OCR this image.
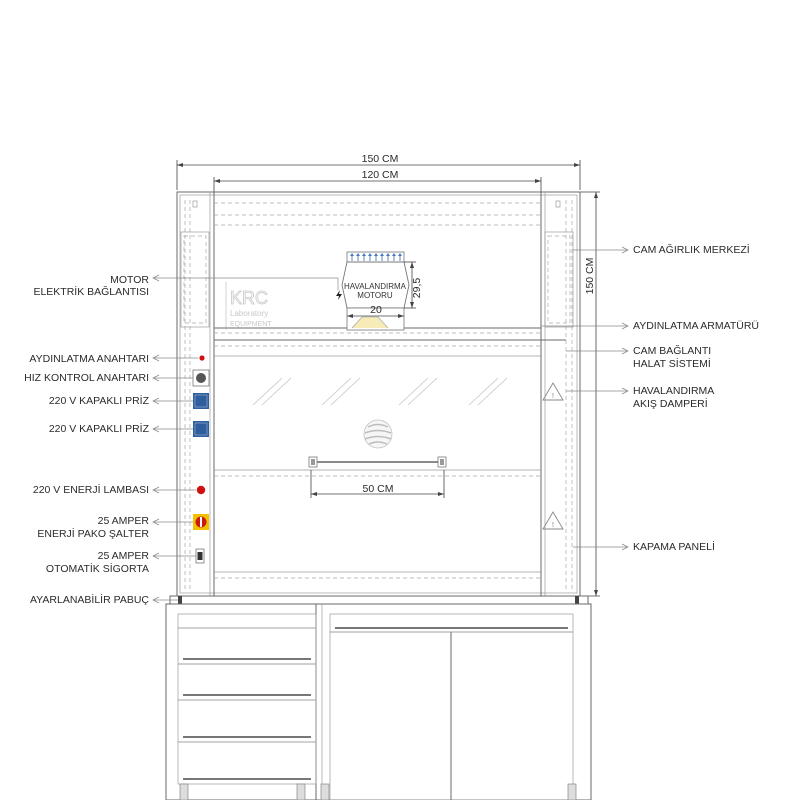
150 CM
120 CM
150 CM
50 CM
HAVALANDIRMA
MOTORU 29,5
20
KRC
Laboratory
EQUIPMENT
!
!
MOTOR
ELEKTRİK BAĞLANTISI
AYDINLATMA ANAHTARI
HIZ KONTROL ANAHTARI
220 V KAPAKLI PRİZ
220 V KAPAKLI PRİZ
220 V ENERJİ LAMBASI
25 AMPER
ENERJİ PAKO ŞALTER
25 AMPER
OTOMATİK SİGORTA
AYARLANABİLİR PABUÇ
CAM AĞIRLIK MERKEZİ
AYDINLATMA ARMATÜRÜ
CAM BAĞLANTI
HALAT SİSTEMİ
HAVALANDIRMA
AKIŞ DAMPERİ
KAPAMA PANELİ
